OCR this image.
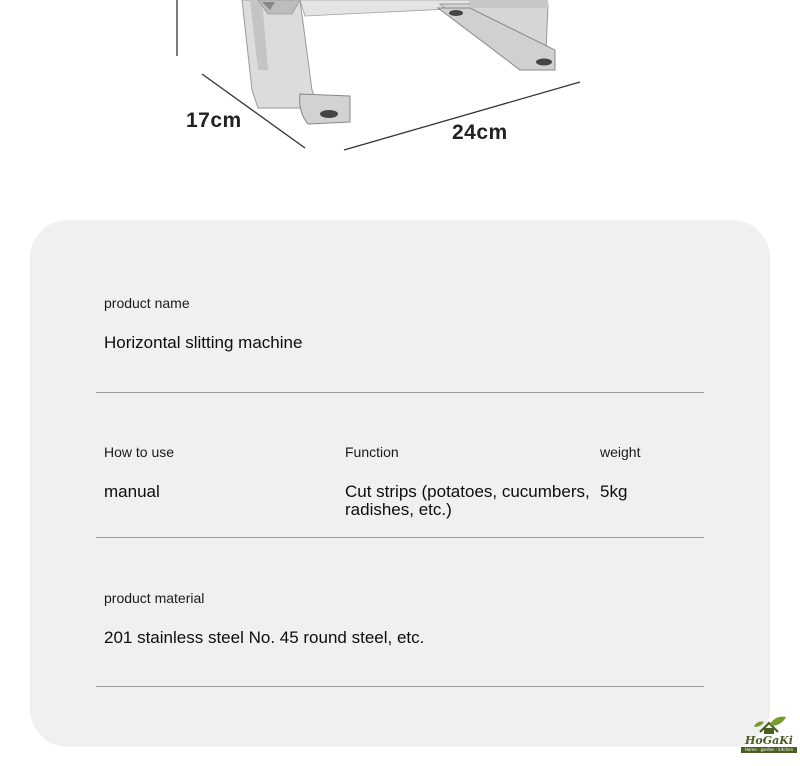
17cm
24cm
product name
Horizontal slitting machine
How to use
manual
Function
Cut strips (potatoes, cucumbers, radishes, etc.)
weight
5kg
product material
201 stainless steel No. 45 round steel, etc.
HoGaKi
Home · garden · kitchen
